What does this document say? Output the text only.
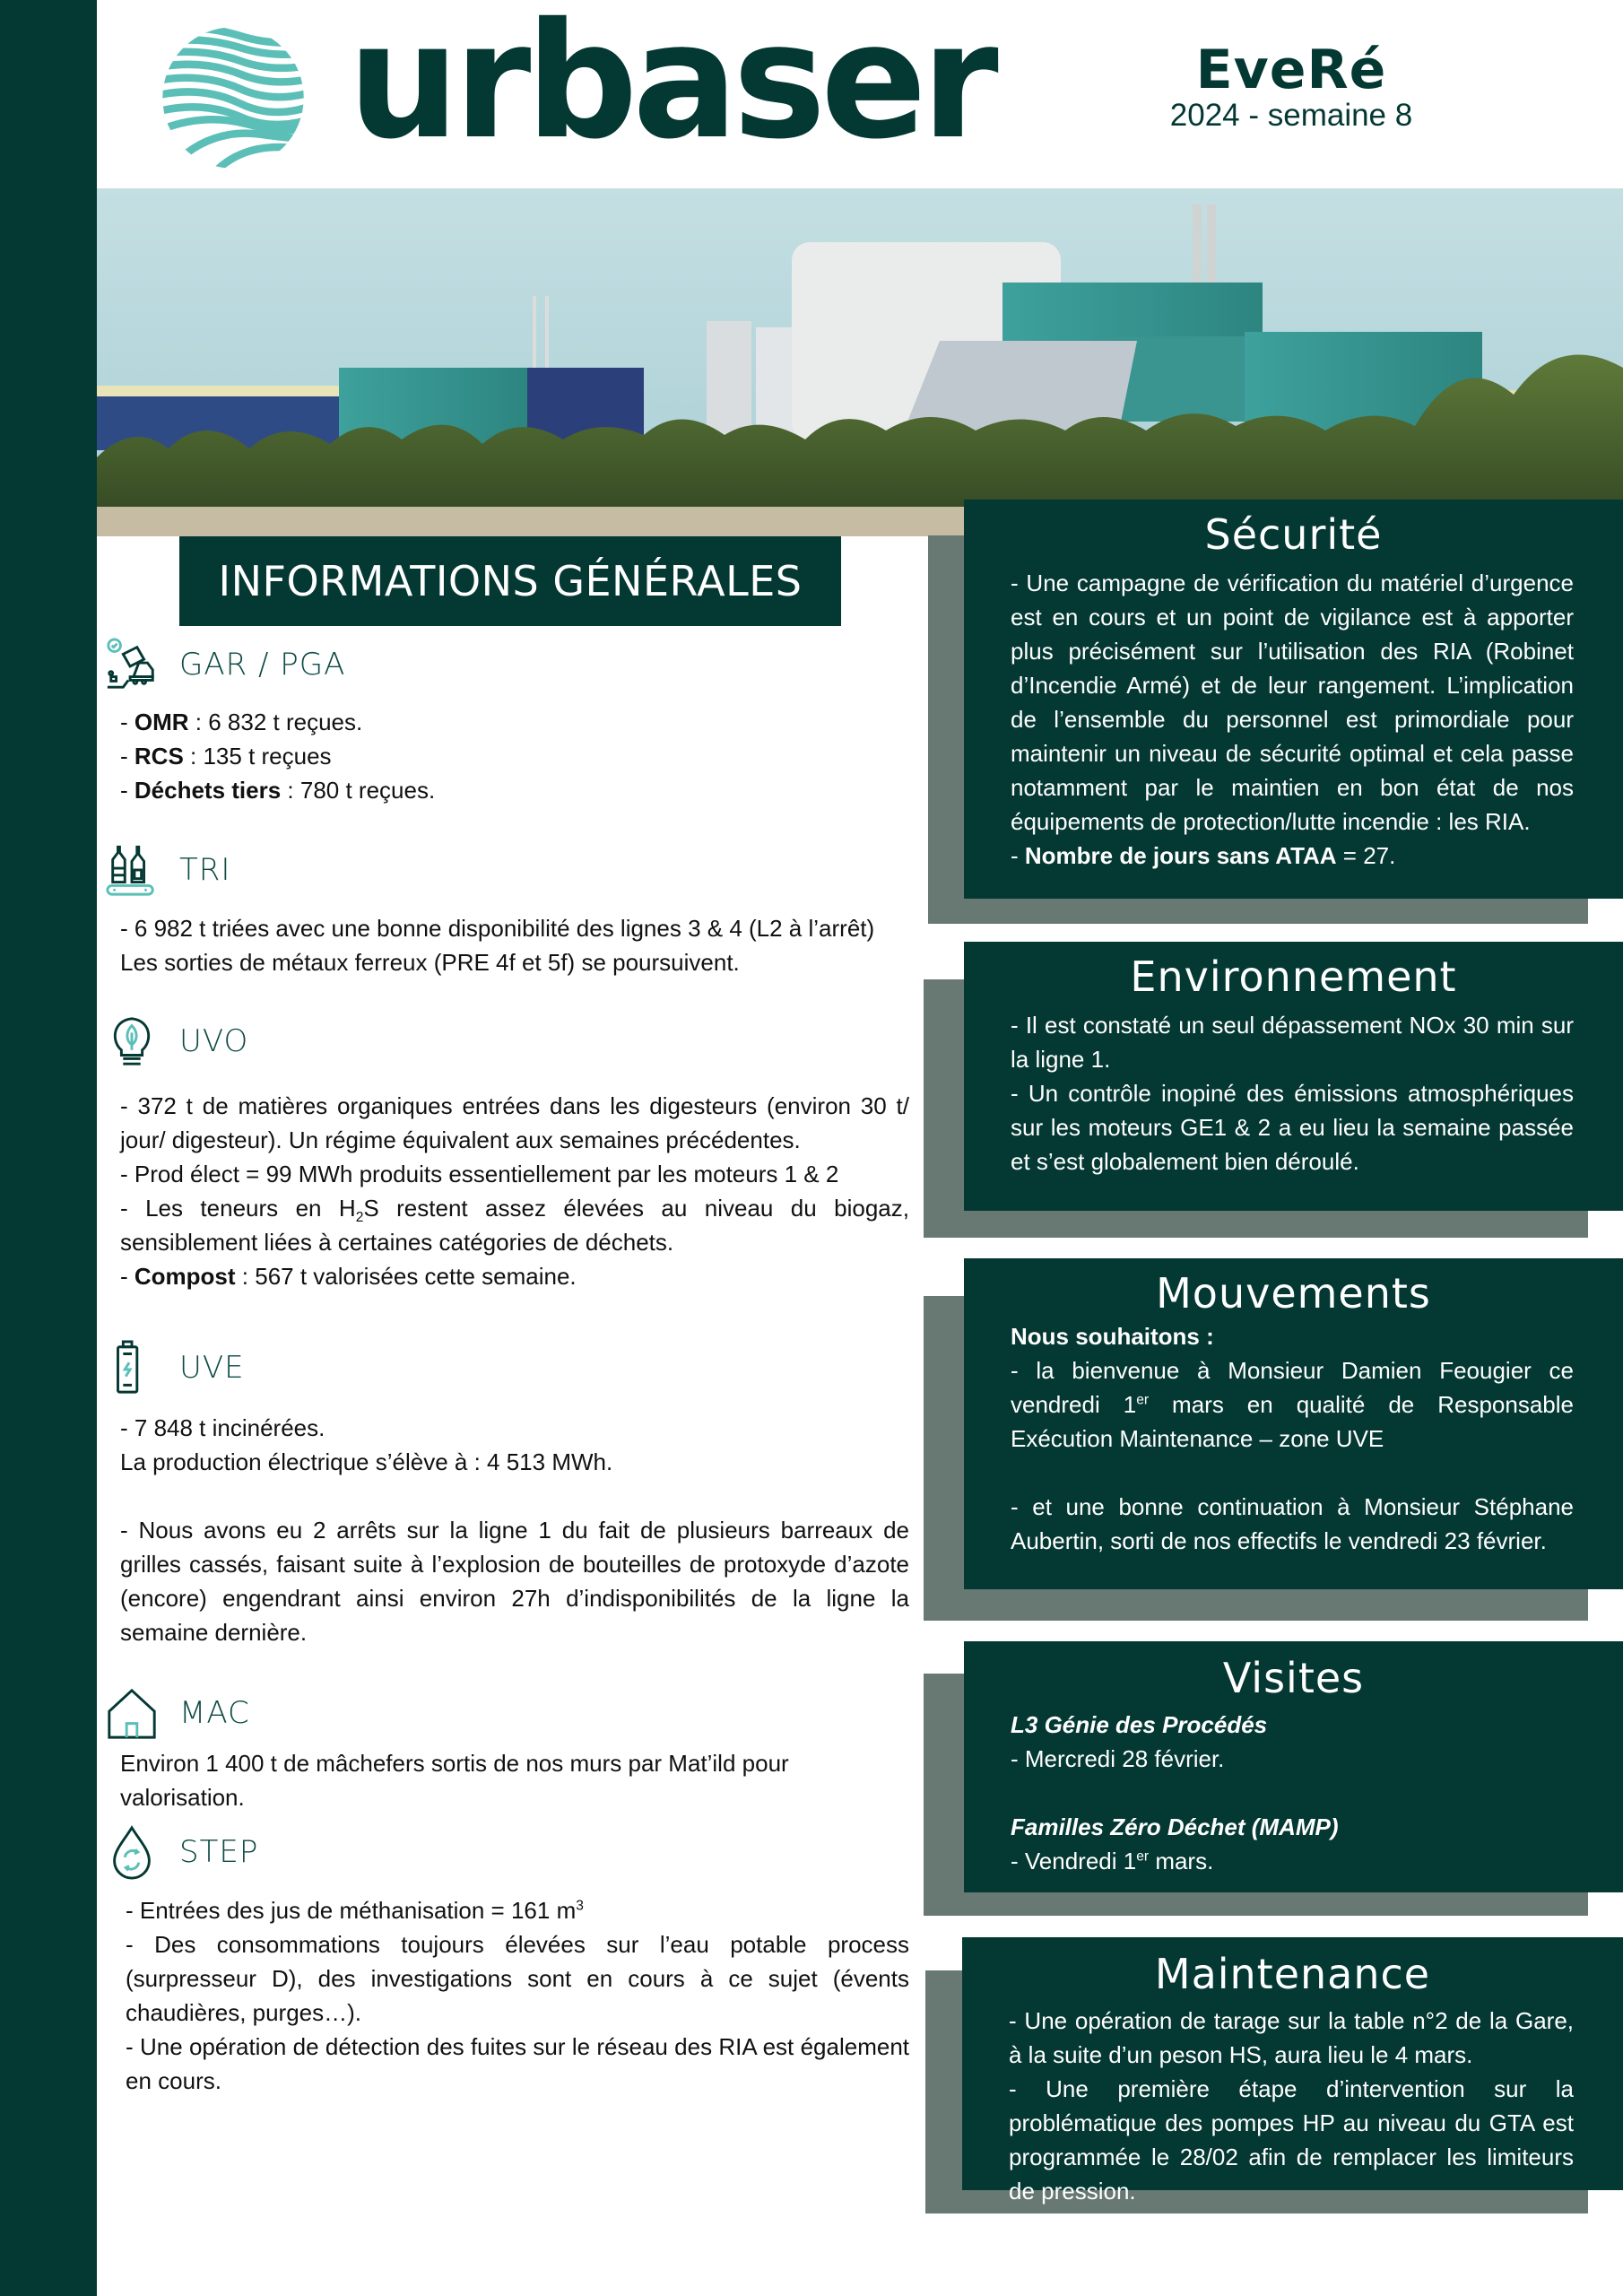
urbaser	EveRé
2024 - semaine 8
INFORMATIONS GÉNÉRALES
GAR / PGA

- OMR : 6 832 t reçues.

- RCS : 135 t reçues

- Déchets tiers : 780 t reçues.

TRI

- 6 982 t triées avec une bonne disponibilité des lignes 3 & 4 (L2 à l’arrêt)

Les sorties de métaux ferreux (PRE 4f et 5f) se poursuivent.

UVO

- 372 t de matières organiques entrées dans les digesteurs (environ 30 t/ jour/ digesteur). Un régime équivalent aux semaines précédentes.

- Prod élect = 99 MWh produits essentiellement par les moteurs 1 & 2

- Les teneurs en $H_2S$ restent assez élevées au niveau du biogaz, sensiblement liées à certaines catégories de déchets.

- Compost : 567 t valorisées cette semaine.

UVE

- 7 848 t incinérées.

La production électrique s’élève à : 4 513 MWh.

- Nous avons eu 2 arrêts sur la ligne 1 du fait de plusieurs barreaux de grilles cassés, faisant suite à l’explosion de bouteilles de protoxyde d’azote (encore) engendrant ainsi environ 27h d’indisponibilités de la ligne la semaine dernière.

MAC

Environ 1 400 t de mâchefers sortis de nos murs par Mat’ild pour valorisation.

STEP

- Entrées des jus de méthanisation = 161 $m^3$

- Des consommations toujours élevées sur l’eau potable process (surpresseur D), des investigations sont en cours à ce sujet (évents chaudières, purges…).

- Une opération de détection des fuites sur le réseau des RIA est également en cours.

Sécurité

- Une campagne de vérification du matériel d’urgence est en cours et un point de vigilance est à apporter plus précisément sur l’utilisation des RIA (Robinet d’Incendie Armé) et de leur rangement. L’implication de l’ensemble du personnel est primordiale pour maintenir un niveau de sécurité optimal et cela passe notamment par le maintien en bon état de nos équipements de protection/lutte incendie : les RIA.

- Nombre de jours sans ATAA = 27.

Environnement

- Il est constaté un seul dépassement NOx 30 min sur la ligne 1.

- Un contrôle inopiné des émissions atmosphériques sur les moteurs GE1 & 2 a eu lieu la semaine passée et s’est globalement bien déroulé.

Mouvements

Nous souhaitons :

- la bienvenue à Monsieur Damien Feougier ce vendredi 1er mars en qualité de Responsable Exécution Maintenance – zone UVE

- et une bonne continuation à Monsieur Stéphane Aubertin, sorti de nos effectifs le vendredi 23 février.

Visites

L3 Génie des Procédés

- Mercredi 28 février.

Familles Zéro Déchet (MAMP)

- Vendredi 1er mars.

Maintenance

- Une opération de tarage sur la table n°2 de la Gare, à la suite d’un peson HS, aura lieu le 4 mars.

- Une première étape d’intervention sur la problématique des pompes HP au niveau du GTA est programmée le 28/02 afin de remplacer les limiteurs de pression.
